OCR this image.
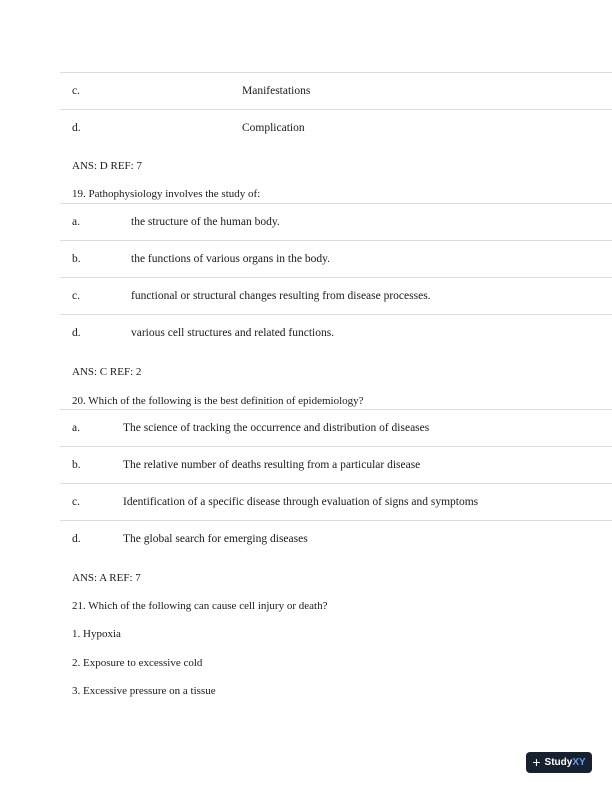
c.	Manifestations
d.	Complication
ANS: D REF: 7
19. Pathophysiology involves the study of:
a.	the structure of the human body.
b.	the functions of various organs in the body.
c.	functional or structural changes resulting from disease processes.
d.	various cell structures and related functions.
ANS: C REF: 2
20. Which of the following is the best definition of epidemiology?
a.	The science of tracking the occurrence and distribution of diseases
b.	The relative number of deaths resulting from a particular disease
c.	Identification of a specific disease through evaluation of signs and symptoms
d.	The global search for emerging diseases
ANS: A REF: 7
21. Which of the following can cause cell injury or death?
1. Hypoxia
2. Exposure to excessive cold
3. Excessive pressure on a tissue
+ StudyXY
